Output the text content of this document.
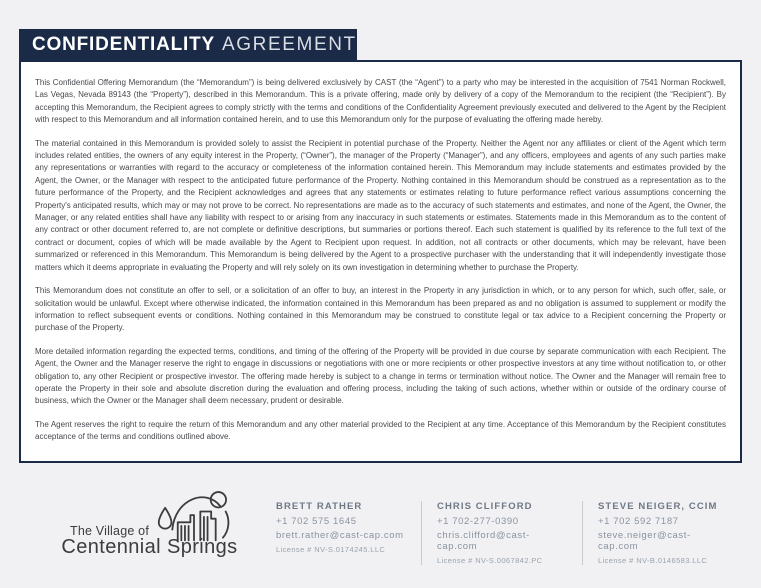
CONFIDENTIALITY AGREEMENT

This Confidential Offering Memorandum (the “Memorandum”) is being delivered exclusively by CAST (the “Agent”) to a party who may be interested in the acquisition of 7541 Norman Rockwell, Las Vegas, Nevada 89143 (the “Property”), described in this Memorandum. This is a private offering, made only by delivery of a copy of the Memorandum to the recipient (the “Recipient”). By accepting this Memorandum, the Recipient agrees to comply strictly with the terms and conditions of the Confidentiality Agreement previously executed and delivered to the Agent by the Recipient with respect to this Memorandum and all information contained herein, and to use this Memorandum only for the purpose of evaluating the offering made hereby.

The material contained in this Memorandum is provided solely to assist the Recipient in potential purchase of the Property. Neither the Agent nor any affiliates or client of the Agent which term includes related entities, the owners of any equity interest in the Property, (“Owner”), the manager of the Property (“Manager”), and any officers, employees and agents of any such parties make any representations or warranties with regard to the accuracy or completeness of the information contained herein. This Memorandum may include statements and estimates provided by the Agent, the Owner, or the Manager with respect to the anticipated future performance of the Property. Nothing contained in this Memorandum should be construed as a representation as to the future performance of the Property, and the Recipient acknowledges and agrees that any statements or estimates relating to future performance reflect various assumptions concerning the Property's anticipated results, which may or may not prove to be correct. No representations are made as to the accuracy of such statements and estimates, and none of the Agent, the Owner, the Manager, or any related entities shall have any liability with respect to or arising from any inaccuracy in such statements or estimates. Statements made in this Memorandum as to the content of any contract or other document referred to, are not complete or definitive descriptions, but summaries or portions thereof. Each such statement is qualified by its reference to the full text of the contract or document, copies of which will be made available by the Agent to Recipient upon request. In addition, not all contracts or other documents, which may be relevant, have been summarized or referenced in this Memorandum. This Memorandum is being delivered by the Agent to a prospective purchaser with the understanding that it will independently investigate those matters which it deems appropriate in evaluating the Property and will rely solely on its own investigation in determining whether to purchase the Property.

This Memorandum does not constitute an offer to sell, or a solicitation of an offer to buy, an interest in the Property in any jurisdiction in which, or to any person for which, such offer, sale, or solicitation would be unlawful. Except where otherwise indicated, the information contained in this Memorandum has been prepared as and no obligation is assumed to supplement or modify the information to reflect subsequent events or conditions. Nothing contained in this Memorandum may be construed to constitute legal or tax advice to a Recipient concerning the Property or purchase of the Property.

More detailed information regarding the expected terms, conditions, and timing of the offering of the Property will be provided in due course by separate communication with each Recipient. The Agent, the Owner and the Manager reserve the right to engage in discussions or negotiations with one or more recipients or other prospective investors at any time without notification to, or other obligation to, any other Recipient or prospective investor. The offering made hereby is subject to a change in terms or termination without notice. The Owner and the Manager will remain free to operate the Property in their sole and absolute discretion during the evaluation and offering process, including the taking of such actions, whether within or outside of the ordinary course of business, which the Owner or the Manager shall deem necessary, prudent or desirable.

The Agent reserves the right to require the return of this Memorandum and any other material provided to the Recipient at any time. Acceptance of this Memorandum by the Recipient constitutes acceptance of the terms and conditions outlined above.

The Village of
Centennial Springs
BRETT RATHER
+1 702 575 1645
brett.rather@cast-cap.com
License # NV-S.0174245.LLC
CHRIS CLIFFORD
+1 702-277-0390
chris.clifford@cast-cap.com
License # NV-S.0067842.PC
STEVE NEIGER, CCIM
+1 702 592 7187
steve.neiger@cast-cap.com
License # NV-B.0146583.LLC
